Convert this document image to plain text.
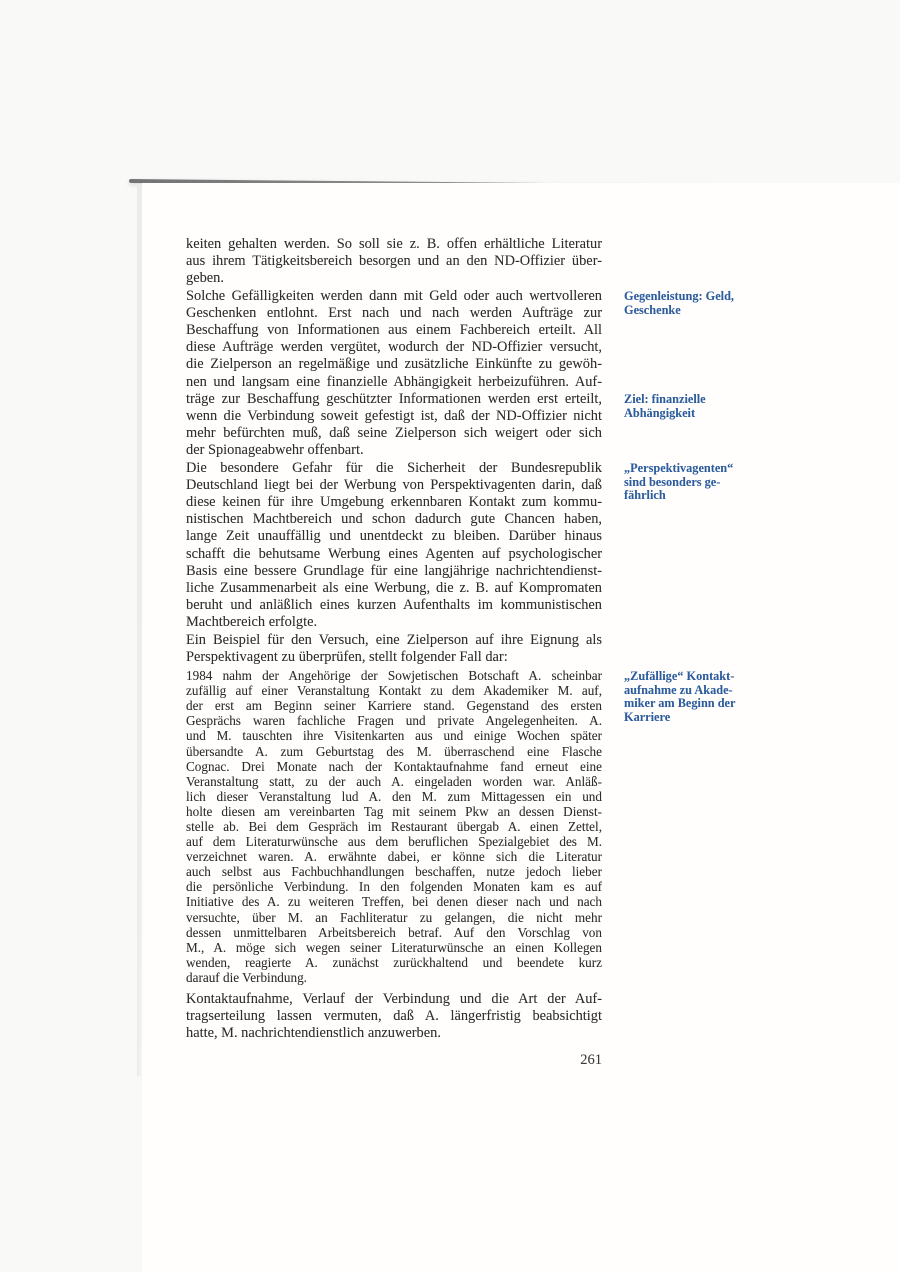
keiten gehalten werden. So soll sie z. B. offen erhältliche Literatur
aus ihrem Tätigkeitsbereich besorgen und an den ND-Offizier über-
geben.
Solche Gefälligkeiten werden dann mit Geld oder auch wertvolleren
Geschenken entlohnt. Erst nach und nach werden Aufträge zur
Beschaffung von Informationen aus einem Fachbereich erteilt. All
diese Aufträge werden vergütet, wodurch der ND-Offizier versucht,
die Zielperson an regelmäßige und zusätzliche Einkünfte zu gewöh-
nen und langsam eine finanzielle Abhängigkeit herbeizuführen. Auf-
träge zur Beschaffung geschützter Informationen werden erst erteilt,
wenn die Verbindung soweit gefestigt ist, daß der ND-Offizier nicht
mehr befürchten muß, daß seine Zielperson sich weigert oder sich
der Spionageabwehr offenbart.
Die besondere Gefahr für die Sicherheit der Bundesrepublik
Deutschland liegt bei der Werbung von Perspektivagenten darin, daß
diese keinen für ihre Umgebung erkennbaren Kontakt zum kommu-
nistischen Machtbereich und schon dadurch gute Chancen haben,
lange Zeit unauffällig und unentdeckt zu bleiben. Darüber hinaus
schafft die behutsame Werbung eines Agenten auf psychologischer
Basis eine bessere Grundlage für eine langjährige nachrichtendienst-
liche Zusammenarbeit als eine Werbung, die z. B. auf Kompromaten
beruht und anläßlich eines kurzen Aufenthalts im kommunistischen
Machtbereich erfolgte.
Ein Beispiel für den Versuch, eine Zielperson auf ihre Eignung als
Perspektivagent zu überprüfen, stellt folgender Fall dar:
1984 nahm der Angehörige der Sowjetischen Botschaft A. scheinbar
zufällig auf einer Veranstaltung Kontakt zu dem Akademiker M. auf,
der erst am Beginn seiner Karriere stand. Gegenstand des ersten
Gesprächs waren fachliche Fragen und private Angelegenheiten. A.
und M. tauschten ihre Visitenkarten aus und einige Wochen später
übersandte A. zum Geburtstag des M. überraschend eine Flasche
Cognac. Drei Monate nach der Kontaktaufnahme fand erneut eine
Veranstaltung statt, zu der auch A. eingeladen worden war. Anläß-
lich dieser Veranstaltung lud A. den M. zum Mittagessen ein und
holte diesen am vereinbarten Tag mit seinem Pkw an dessen Dienst-
stelle ab. Bei dem Gespräch im Restaurant übergab A. einen Zettel,
auf dem Literaturwünsche aus dem beruflichen Spezialgebiet des M.
verzeichnet waren. A. erwähnte dabei, er könne sich die Literatur
auch selbst aus Fachbuchhandlungen beschaffen, nutze jedoch lieber
die persönliche Verbindung. In den folgenden Monaten kam es auf
Initiative des A. zu weiteren Treffen, bei denen dieser nach und nach
versuchte, über M. an Fachliteratur zu gelangen, die nicht mehr
dessen unmittelbaren Arbeitsbereich betraf. Auf den Vorschlag von
M., A. möge sich wegen seiner Literaturwünsche an einen Kollegen
wenden, reagierte A. zunächst zurückhaltend und beendete kurz
darauf die Verbindung.
Kontaktaufnahme, Verlauf der Verbindung und die Art der Auf-
tragserteilung lassen vermuten, daß A. längerfristig beabsichtigt
hatte, M. nachrichtendienstlich anzuwerben.
261
Gegenleistung: Geld,
Geschenke
Ziel: finanzielle
Abhängigkeit
„Perspektivagenten“
sind besonders ge-
fährlich
„Zufällige“ Kontakt-
aufnahme zu Akade-
miker am Beginn der
Karriere
